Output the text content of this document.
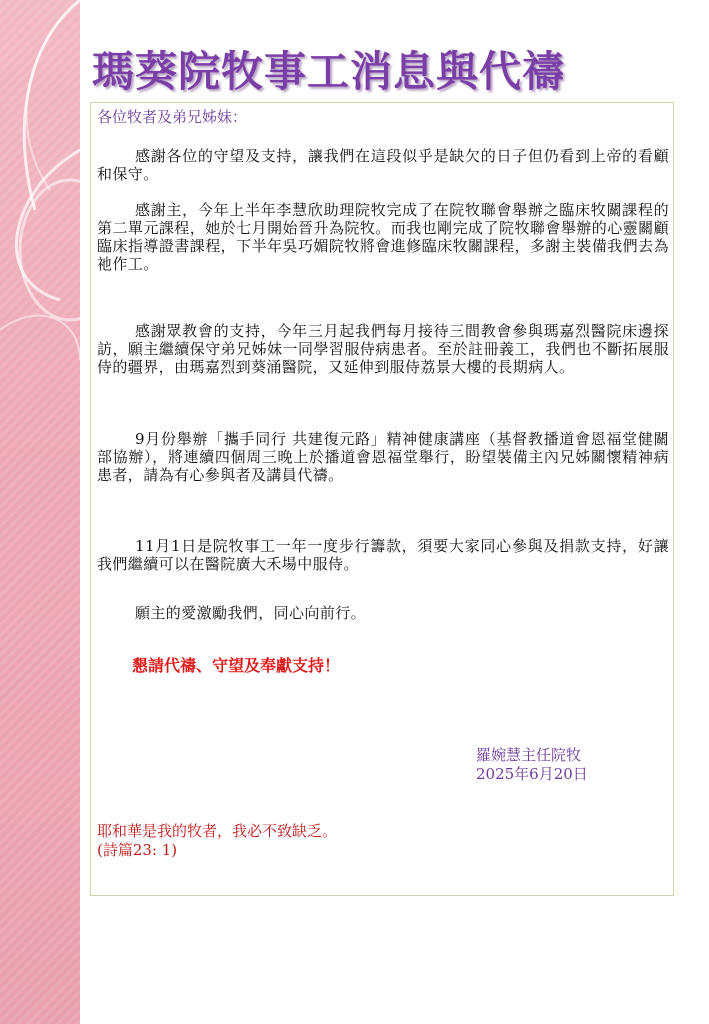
瑪葵院牧事工消息與代禱
各位牧者及弟兄姊妹：
感謝各位的守望及支持，讓我們在這段似乎是缺欠的日子但仍看到上帝的看顧和保守。
感謝主，今年上半年李慧欣助理院牧完成了在院牧聯會舉辦之臨床牧關課程的第二單元課程，她於七月開始晉升為院牧。而我也剛完成了院牧聯會舉辦的心靈關顧臨床指導證書課程，下半年吳巧媚院牧將會進修臨床牧關課程，多謝主裝備我們去為祂作工。
感謝眾教會的支持，今年三月起我們每月接待三間教會參與瑪嘉烈醫院床邊探訪，願主繼續保守弟兄姊妹一同學習服侍病患者。至於註冊義工，我們也不斷拓展服侍的疆界，由瑪嘉烈到葵涌醫院，又延伸到服侍荔景大樓的長期病人。
9月份舉辦「攜手同行 共建復元路」精神健康講座（基督教播道會恩福堂健關部協辦），將連續四個周三晚上於播道會恩福堂舉行，盼望裝備主內兄姊關懷精神病患者，請為有心參與者及講員代禱。
11月1日是院牧事工一年一度步行籌款，須要大家同心參與及捐款支持，好讓我們繼續可以在醫院廣大禾場中服侍。
願主的愛激勵我們，同心向前行。
懇請代禱、守望及奉獻支持！
羅婉慧主任院牧
2025年6月20日
耶和華是我的牧者，我必不致缺乏。
(詩篇23: 1)
